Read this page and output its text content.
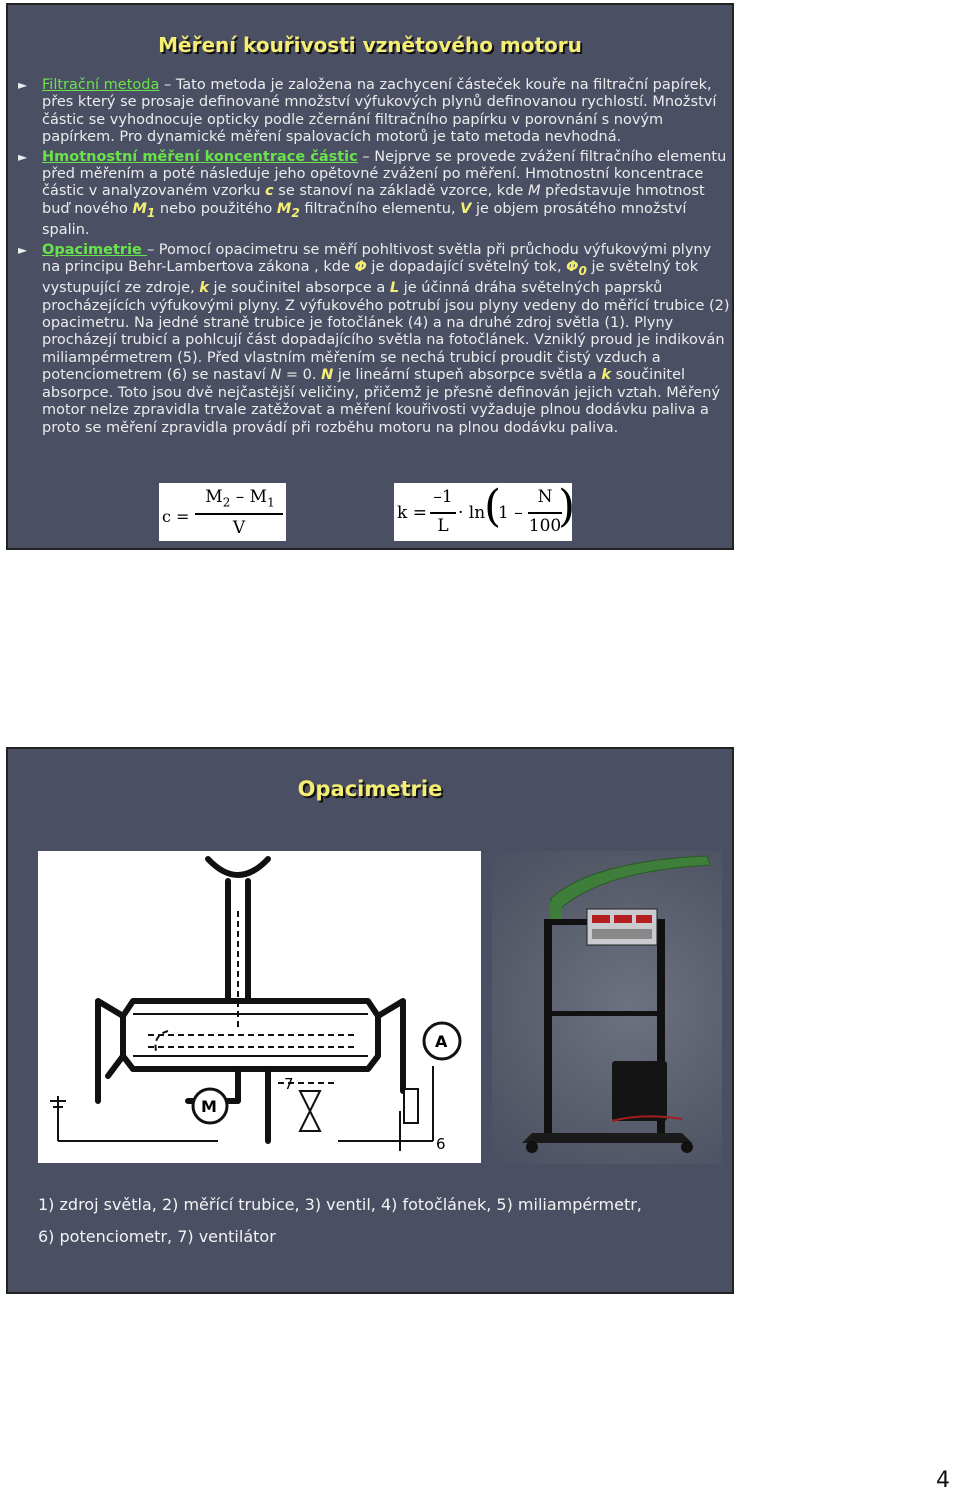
Měření kouřivosti vznětového motoru
► Filtrační metoda – Tato metoda je založena na zachycení částeček kouře na filtrační papírek, přes který se prosaje definované množství výfukových plynů definovanou rychlostí. Množství částic se vyhodnocuje opticky podle zčernání filtračního papírku v porovnání s novým papírkem. Pro dynamické měření spalovacích motorů je tato metoda nevhodná.
► Hmotnostní měření koncentrace částic – Nejprve se provede zvážení filtračního elementu před měřením a poté následuje jeho opětovné zvážení po měření. Hmotnostní koncentrace částic v analyzovaném vzorku c se stanoví na základě vzorce, kde M představuje hmotnost buď nového $M_1$ nebo použitého $M_2$ filtračního elementu, V je objem prosátého množství spalin.
► Opacimetrie – Pomocí opacimetru se měří pohltivost světla při průchodu výfukovými plyny na principu Behr-Lambertova zákona , kde Φ je dopadající světelný tok, $\Phi_0$ je světelný tok vystupující ze zdroje, k je součinitel absorpce a L je účinná dráha světelných paprsků procházejících výfukovými plyny. Z výfukového potrubí jsou plyny vedeny do měřící trubice (2) opacimetru. Na jedné straně trubice je fotočlánek (4) a na druhé zdroj světla (1). Plyny procházejí trubicí a pohlcují část dopadajícího světla na fotočlánek. Vzniklý proud je indikován miliampérmetrem (5). Před vlastním měřením se nechá trubicí proudit čistý vzduch a potenciometrem (6) se nastaví N = 0. N je lineární stupeň absorpce světla a k součinitel absorpce. Toto jsou dvě nejčastější veličiny, přičemž je přesně definován jejich vztah. Měřený motor nelze zpravidla trvale zatěžovat a měření kouřivosti vyžaduje plnou dodávku paliva a proto se měření zpravidla provádí při rozběhu motoru na plnou dodávku paliva.
c =
$M_2 - M_1$
V
k =
–1
L
· ln
(
1 –
N
100
)
Opacimetrie
A
M
7
6
1) zdroj světla, 2) měřící trubice, 3) ventil, 4) fotočlánek, 5) miliampérmetr,
6) potenciometr, 7) ventilátor
4
